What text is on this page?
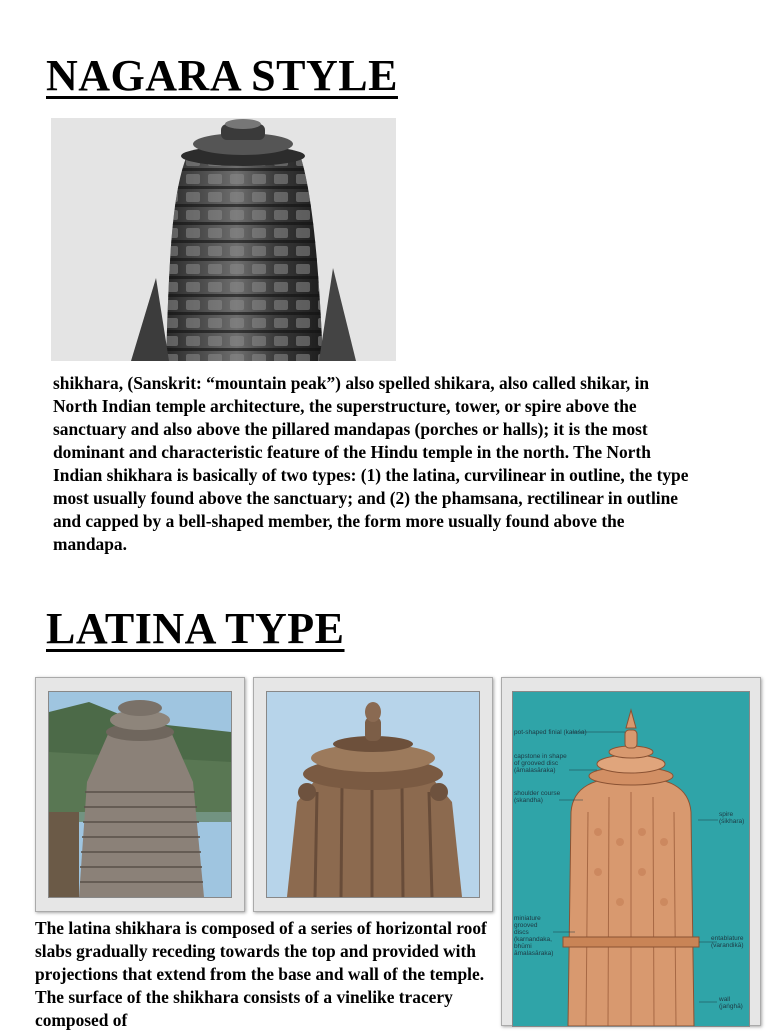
NAGARA STYLE

shikhara, (Sanskrit: “mountain peak”) also spelled shikara, also called shikar, in North Indian temple architecture, the superstructure, tower, or spire above the sanctuary and also above the pillared mandapas (porches or halls); it is the most dominant and characteristic feature of the Hindu temple in the north. The North Indian shikhara is basically of two types: (1) the latina, curvilinear in outline, the type most usually found above the sanctuary; and (2) the phamsana, rectilinear in outline and capped by a bell-shaped member, the form more usually found above the mandapa.

LATINA TYPE
pot-shaped finial (kalaśa)
capstone in shape
of grooved disc
(āmalasāraka)
shoulder course
(skandha)
spire
(śikhara)
miniature
grooved
discs
(karnandaka,
bhūmi
āmalasāraka)
entablature
(varandikā)
wall
(jaṅghā)

The latina shikhara is composed of a series of horizontal roof slabs gradually receding towards the top and provided with projections that extend from the base and wall of the temple. The surface of the shikhara consists of a vinelike tracery composed of
